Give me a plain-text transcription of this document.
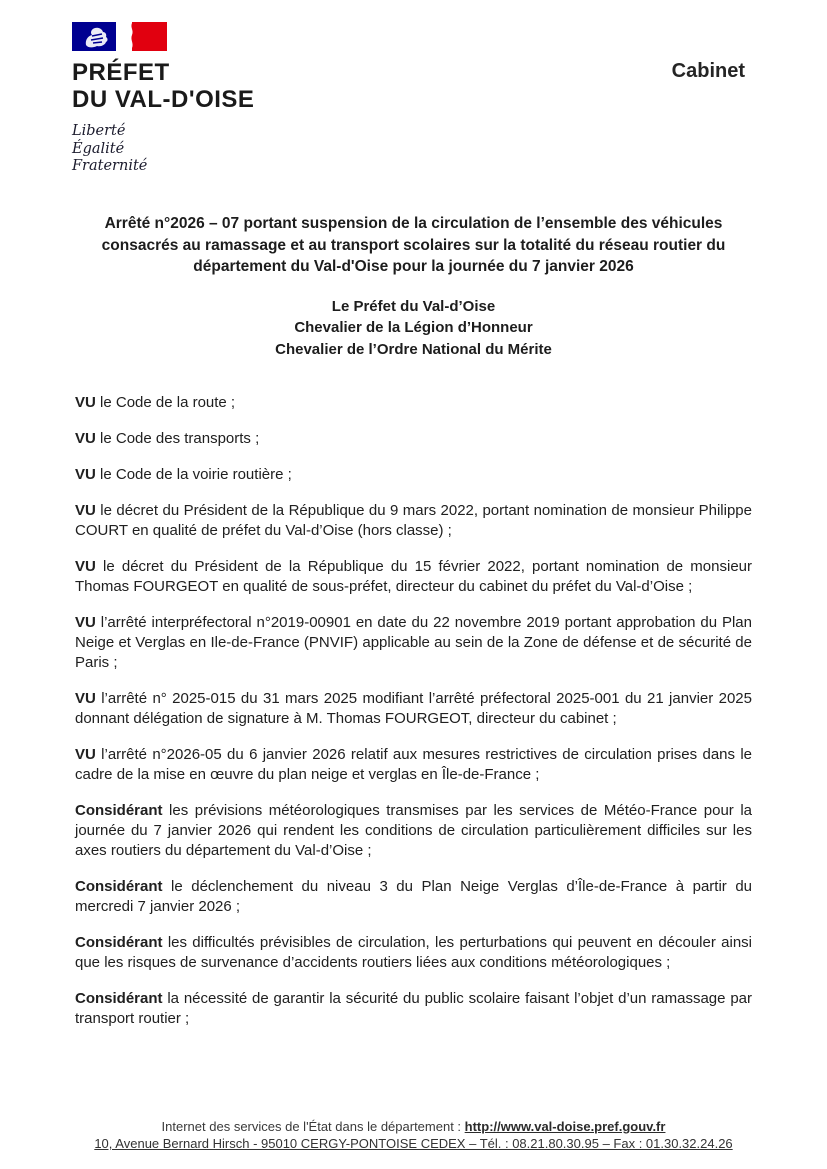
PRÉFET
DU VAL-D'OISE
Liberté
Égalité
Fraternité
Cabinet
Arrêté n°2026 – 07 portant suspension de la circulation de l’ensemble des véhicules
consacrés au ramassage et au transport scolaires sur la totalité du réseau routier du
département du Val-d'Oise pour la journée du 7 janvier 2026
Le Préfet du Val-d’Oise
Chevalier de la Légion d’Honneur
Chevalier de l’Ordre National du Mérite

VU le Code de la route ;

VU le Code des transports ;

VU le Code de la voirie routière ;

VU le décret du Président de la République du 9 mars 2022, portant nomination de monsieur Philippe COURT en qualité de préfet du Val-d’Oise (hors classe) ;

VU le décret du Président de la République du 15 février 2022, portant nomination de monsieur Thomas FOURGEOT en qualité de sous-préfet, directeur du cabinet du préfet du Val-d’Oise ;

VU l’arrêté interpréfectoral n°2019-00901 en date du 22 novembre 2019 portant approbation du Plan Neige et Verglas en Ile-de-France (PNVIF) applicable au sein de la Zone de défense et de sécurité de Paris ;

VU l’arrêté n° 2025-015 du 31 mars 2025 modifiant l’arrêté préfectoral 2025-001 du 21 janvier 2025 donnant délégation de signature à M. Thomas FOURGEOT, directeur du cabinet ;

VU l’arrêté n°2026-05 du 6 janvier 2026 relatif aux mesures restrictives de circulation prises dans le cadre de la mise en œuvre du plan neige et verglas en Île-de-France ;

Considérant les prévisions météorologiques transmises par les services de Météo-France pour la journée du 7 janvier 2026 qui rendent les conditions de circulation particulièrement difficiles sur les axes routiers du département du Val-d’Oise ;

Considérant le déclenchement du niveau 3 du Plan Neige Verglas d’Île-de-France à partir du mercredi 7 janvier 2026 ;

Considérant les difficultés prévisibles de circulation, les perturbations qui peuvent en découler ainsi que les risques de survenance d’accidents routiers liées aux conditions météorologiques ;

Considérant la nécessité de garantir la sécurité du public scolaire faisant l’objet d’un ramassage par transport routier ;

Internet des services de l'État dans le département : http://www.val-doise.pref.gouv.fr
10, Avenue Bernard Hirsch - 95010 CERGY-PONTOISE CEDEX – Tél. : 08.21.80.30.95 – Fax : 01.30.32.24.26
